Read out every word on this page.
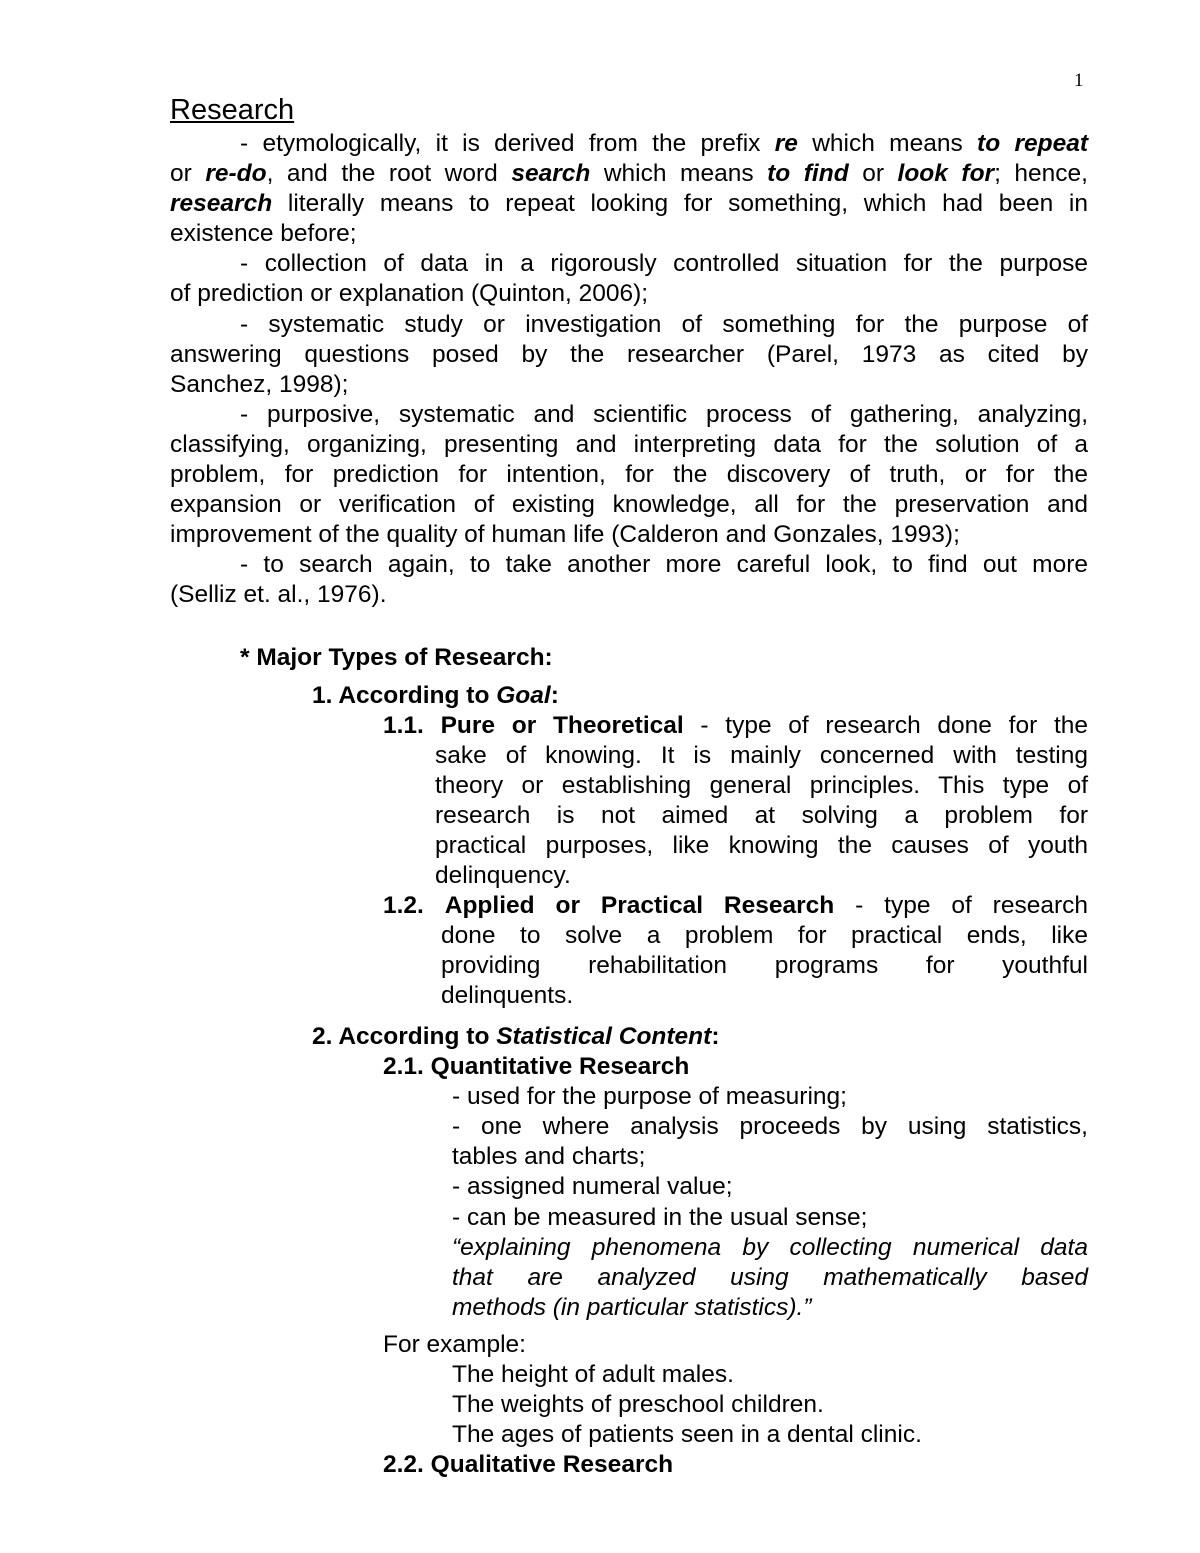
1
Research
- etymologically, it is derived from the prefix re which means to repeat
or re-do, and the root word search which means to find or look for; hence,
research literally means to repeat looking for something, which had been in
existence before;
- collection of data in a rigorously controlled situation for the purpose
of prediction or explanation (Quinton, 2006);
- systematic study or investigation of something for the purpose of
answering questions posed by the researcher (Parel, 1973 as cited by
Sanchez, 1998);
- purposive, systematic and scientific process of gathering, analyzing,
classifying, organizing, presenting and interpreting data for the solution of a
problem, for prediction for intention, for the discovery of truth, or for the
expansion or verification of existing knowledge, all for the preservation and
improvement of the quality of human life (Calderon and Gonzales, 1993);
- to search again, to take another more careful look, to find out more
(Selliz et. al., 1976).
* Major Types of Research:
1. According to Goal:
1.1. Pure or Theoretical - type of research done for the
sake of knowing. It is mainly concerned with testing
theory or establishing general principles. This type of
research is not aimed at solving a problem for
practical purposes, like knowing the causes of youth
delinquency.
1.2. Applied or Practical Research - type of research
done to solve a problem for practical ends, like
providing rehabilitation programs for youthful
delinquents.
2. According to Statistical Content:
2.1. Quantitative Research
- used for the purpose of measuring;
- one where analysis proceeds by using statistics,
tables and charts;
- assigned numeral value;
- can be measured in the usual sense;
“explaining phenomena by collecting numerical data
that are analyzed using mathematically based
methods (in particular statistics).”
For example:
The height of adult males.
The weights of preschool children.
The ages of patients seen in a dental clinic.
2.2. Qualitative Research
